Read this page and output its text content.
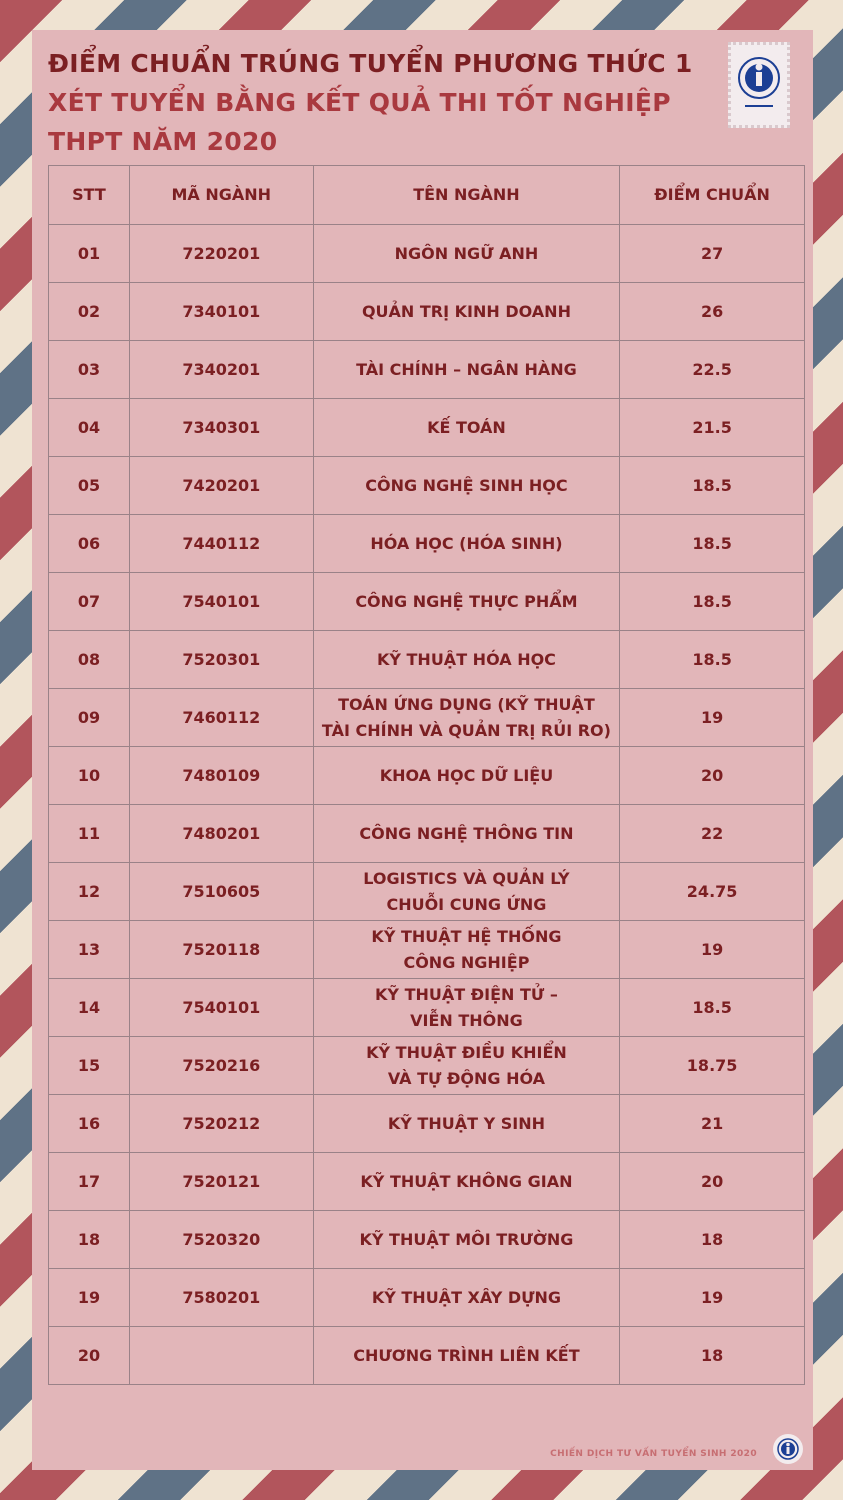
ĐIỂM CHUẨN TRÚNG TUYỂN PHƯƠNG THỨC 1
XÉT TUYỂN BẰNG KẾT QUẢ THI TỐT NGHIỆP
THPT NĂM 2020
STT	MÃ NGÀNH	TÊN NGÀNH	ĐIỂM CHUẨN
01	7220201	NGÔN NGỮ ANH	27
02	7340101	QUẢN TRỊ KINH DOANH	26
03	7340201	TÀI CHÍNH – NGÂN HÀNG	22.5
04	7340301	KẾ TOÁN	21.5
05	7420201	CÔNG NGHỆ SINH HỌC	18.5
06	7440112	HÓA HỌC (HÓA SINH)	18.5
07	7540101	CÔNG NGHỆ THỰC PHẨM	18.5
08	7520301	KỸ THUẬT HÓA HỌC	18.5
09	7460112	TOÁN ỨNG DỤNG (KỸ THUẬT
TÀI CHÍNH VÀ QUẢN TRỊ RỦI RO)	19
10	7480109	KHOA HỌC DỮ LIỆU	20
11	7480201	CÔNG NGHỆ THÔNG TIN	22
12	7510605	LOGISTICS VÀ QUẢN LÝ
CHUỖI CUNG ỨNG	24.75
13	7520118	KỸ THUẬT HỆ THỐNG
CÔNG NGHIỆP	19
14	7540101	KỸ THUẬT ĐIỆN TỬ –
VIỄN THÔNG	18.5
15	7520216	KỸ THUẬT ĐIỀU KHIỂN
VÀ TỰ ĐỘNG HÓA	18.75
16	7520212	KỸ THUẬT Y SINH	21
17	7520121	KỸ THUẬT KHÔNG GIAN	20
18	7520320	KỸ THUẬT MÔI TRƯỜNG	18
19	7580201	KỸ THUẬT XÂY DỰNG	19
20		CHƯƠNG TRÌNH LIÊN KẾT	18
CHIẾN DỊCH TƯ VẤN TUYỂN SINH 2020
